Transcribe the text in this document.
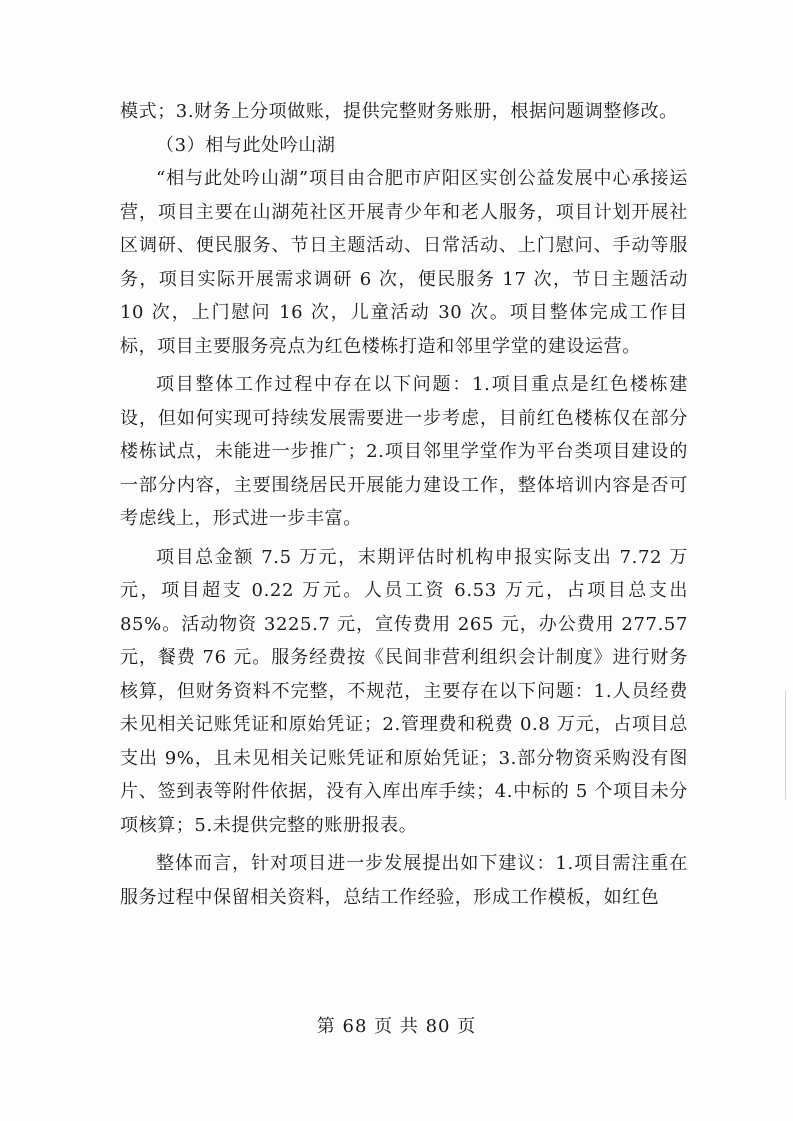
模式；3.财务上分项做账，提供完整财务账册，根据问题调整修改。

（3）相与此处吟山湖

“相与此处吟山湖”项目由合肥市庐阳区实创公益发展中心承接运营，项目主要在山湖苑社区开展青少年和老人服务，项目计划开展社区调研、便民服务、节日主题活动、日常活动、上门慰问、手动等服务，项目实际开展需求调研 6 次，便民服务 17 次，节日主题活动 10 次，上门慰问 16 次，儿童活动 30 次。项目整体完成工作目标，项目主要服务亮点为红色楼栋打造和邻里学堂的建设运营。

项目整体工作过程中存在以下问题：1.项目重点是红色楼栋建设，但如何实现可持续发展需要进一步考虑，目前红色楼栋仅在部分楼栋试点，未能进一步推广；2.项目邻里学堂作为平台类项目建设的一部分内容，主要围绕居民开展能力建设工作，整体培训内容是否可考虑线上，形式进一步丰富。

项目总金额 7.5 万元，末期评估时机构申报实际支出 7.72 万元，项目超支 0.22 万元。人员工资 6.53 万元，占项目总支出 85%。活动物资 3225.7 元，宣传费用 265 元，办公费用 277.57 元，餐费 76 元。服务经费按《民间非营利组织会计制度》进行财务核算，但财务资料不完整，不规范，主要存在以下问题：1.人员经费未见相关记账凭证和原始凭证；2.管理费和税费 0.8 万元，占项目总支出 9%，且未见相关记账凭证和原始凭证；3.部分物资采购没有图片、签到表等附件依据，没有入库出库手续；4.中标的 5 个项目未分项核算；5.未提供完整的账册报表。

整体而言，针对项目进一步发展提出如下建议：1.项目需注重在服务过程中保留相关资料，总结工作经验，形成工作模板，如红色

第 68 页 共 80 页
